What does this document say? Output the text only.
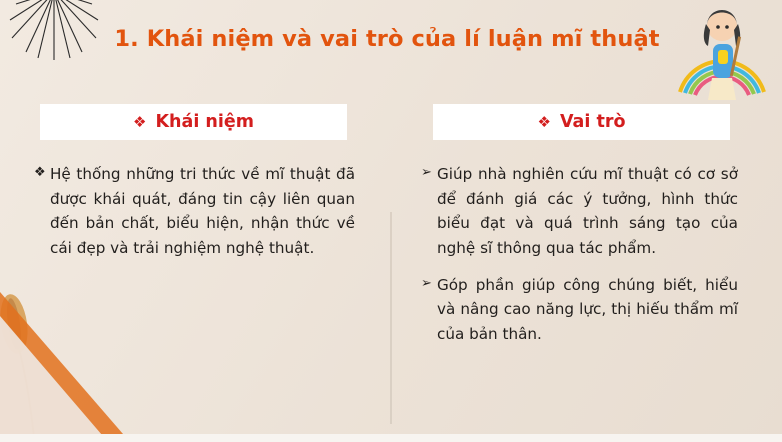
1. Khái niệm và vai trò của lí luận mĩ thuật
❖ Khái niệm
❖ Hệ thống những tri thức về mĩ thuật đã được khái quát, đáng tin cậy liên quan đến bản chất, biểu hiện, nhận thức về cái đẹp và trải nghiệm nghệ thuật.
❖ Vai trò
➢ Giúp nhà nghiên cứu mĩ thuật có cơ sở để đánh giá các ý tưởng, hình thức biểu đạt và quá trình sáng tạo của nghệ sĩ thông qua tác phẩm.
➢ Góp phần giúp công chúng biết, hiểu và nâng cao năng lực, thị hiếu thẩm mĩ của bản thân.
